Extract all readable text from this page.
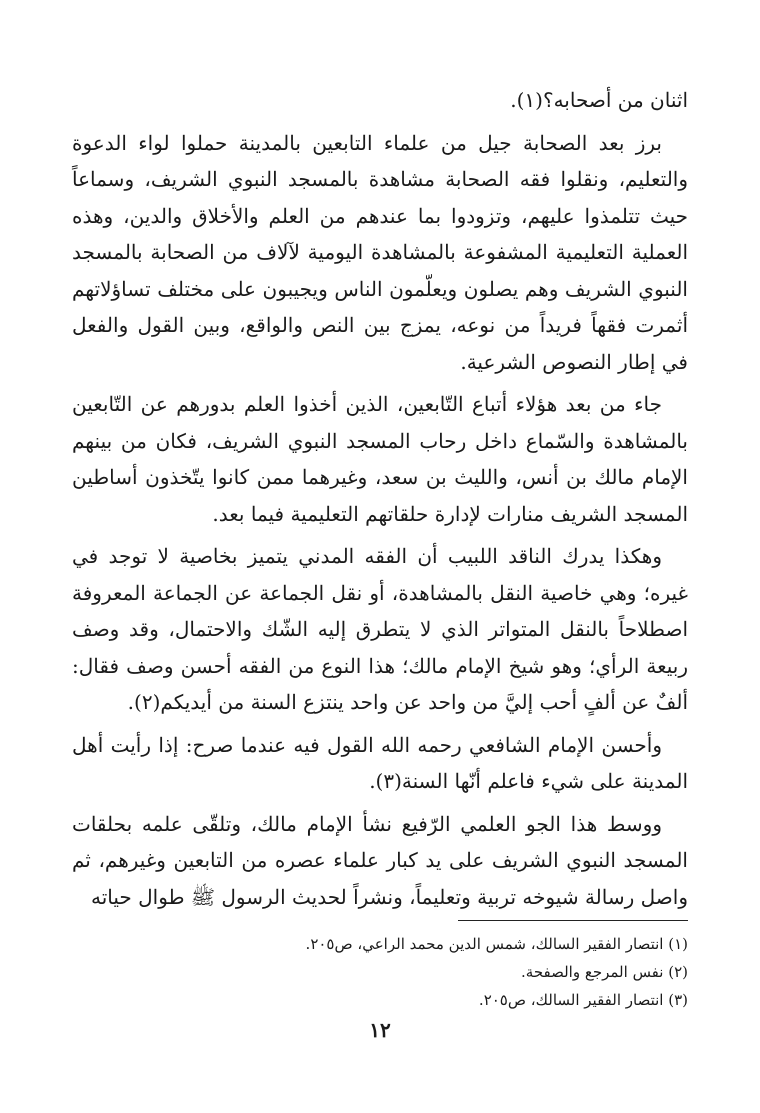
اثنان من أصحابه؟(١).

برز بعد الصحابة جيل من علماء التابعين بالمدينة حملوا لواء الدعوة والتعليم، ونقلوا فقه الصحابة مشاهدة بالمسجد النبوي الشريف، وسماعاً حيث تتلمذوا عليهم، وتزودوا بما عندهم من العلم والأخلاق والدين، وهذه العملية التعليمية المشفوعة بالمشاهدة اليومية لآلاف من الصحابة بالمسجد النبوي الشريف وهم يصلون ويعلّمون الناس ويجيبون على مختلف تساؤلاتهم أثمرت فقهاً فريداً من نوعه، يمزج بين النص والواقع، وبين القول والفعل في إطار النصوص الشرعية.

جاء من بعد هؤلاء أتباع التّابعين، الذين أخذوا العلم بدورهم عن التّابعين بالمشاهدة والسّماع داخل رحاب المسجد النبوي الشريف، فكان من بينهم الإمام مالك بن أنس، والليث بن سعد، وغيرهما ممن كانوا يتّخذون أساطين المسجد الشريف منارات لإدارة حلقاتهم التعليمية فيما بعد.

وهكذا يدرك الناقد اللبيب أن الفقه المدني يتميز بخاصية لا توجد في غيره؛ وهي خاصية النقل بالمشاهدة، أو نقل الجماعة عن الجماعة المعروفة اصطلاحاً بالنقل المتواتر الذي لا يتطرق إليه الشّك والاحتمال، وقد وصف ربيعة الرأي؛ وهو شيخ الإمام مالك؛ هذا النوع من الفقه أحسن وصف فقال: ألفٌ عن ألفٍ أحب إليَّ من واحد عن واحد ينتزع السنة من أيديكم(٢).

وأحسن الإمام الشافعي رحمه الله القول فيه عندما صرح: إذا رأيت أهل المدينة على شيء فاعلم أنّها السنة(٣).

ووسط هذا الجو العلمي الرّفيع نشأ الإمام مالك، وتلقّى علمه بحلقات المسجد النبوي الشريف على يد كبار علماء عصره من التابعين وغيرهم، ثم واصل رسالة شيوخه تربية وتعليماً، ونشراً لحديث الرسول ﷺ طوال حياته

(١) انتصار الفقير السالك، شمس الدين محمد الراعي، ص٢٠٥.

(٢) نفس المرجع والصفحة.

(٣) انتصار الفقير السالك، ص٢٠٥.

١٢
